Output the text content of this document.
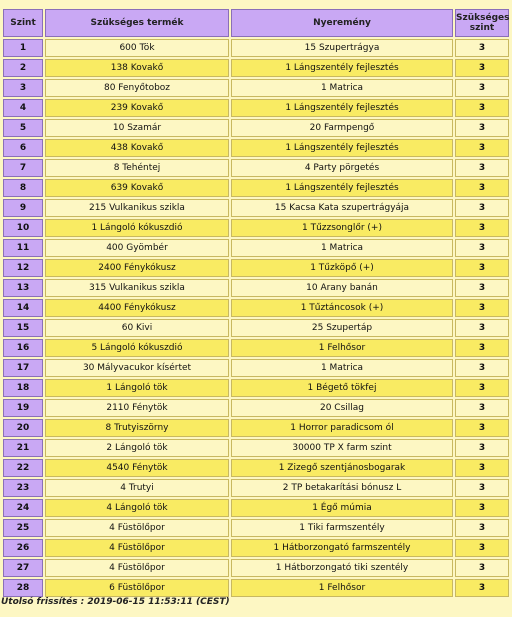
Szint	Szükséges termék	Nyeremény	Szükséges szint
1	600 Tök	15 Szupertrágya	3
2	138 Kovakő	1 Lángszentély fejlesztés	3
3	80 Fenyőtoboz	1 Matrica	3
4	239 Kovakő	1 Lángszentély fejlesztés	3
5	10 Szamár	20 Farmpengő	3
6	438 Kovakő	1 Lángszentély fejlesztés	3
7	8 Tehéntej	4 Party pörgetés	3
8	639 Kovakő	1 Lángszentély fejlesztés	3
9	215 Vulkanikus szikla	15 Kacsa Kata szupertrágyája	3
10	1 Lángoló kókuszdió	1 Tűzzsonglőr (+)	3
11	400 Gyömbér	1 Matrica	3
12	2400 Fénykókusz	1 Tűzköpő (+)	3
13	315 Vulkanikus szikla	10 Arany banán	3
14	4400 Fénykókusz	1 Tűztáncosok (+)	3
15	60 Kivi	25 Szupertáp	3
16	5 Lángoló kókuszdió	1 Felhősor	3
17	30 Mályvacukor kísértet	1 Matrica	3
18	1 Lángoló tök	1 Bégető tökfej	3
19	2110 Fénytök	20 Csillag	3
20	8 Trutyiszörny	1 Horror paradicsom ól	3
21	2 Lángoló tök	30000 TP X farm szint	3
22	4540 Fénytök	1 Zizegő szentjánosbogarak	3
23	4 Trutyi	2 TP betakarítási bónusz L	3
24	4 Lángoló tök	1 Égő múmia	3
25	4 Füstölőpor	1 Tiki farmszentély	3
26	4 Füstölőpor	1 Hátborzongató farmszentély	3
27	4 Füstölőpor	1 Hátborzongató tiki szentély	3
28	6 Füstölőpor	1 Felhősor	3
Utolsó frissítés : 2019-06-15 11:53:11 (CEST)
